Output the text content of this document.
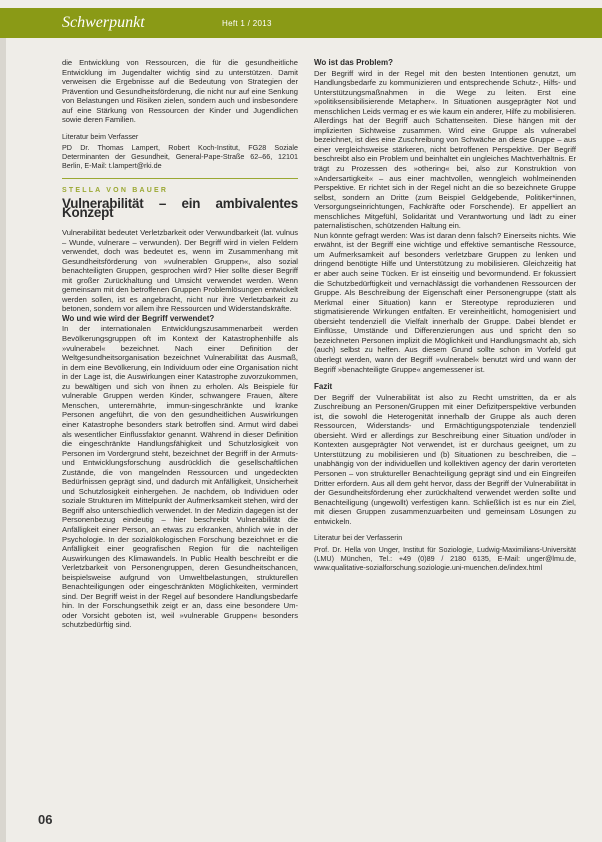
Schwerpunkt	Heft 1 / 2013

die Entwicklung von Ressourcen, die für die gesundheitliche Entwicklung im Jugendalter wichtig sind zu unterstützen. Damit verweisen die Ergebnisse auf die Bedeutung von Strategien der Prävention und Gesundheitsförderung, die nicht nur auf eine Senkung von Belastungen und Risiken zielen, sondern auch und insbesondere auf eine Stärkung von Ressourcen der Kinder und Jugendlichen sowie deren Familien.

Literatur beim Verfasser
PD Dr. Thomas Lampert, Robert Koch-Institut, FG28 Soziale Determinanten der Gesundheit, General-Pape-Straße 62–66, 12101 Berlin, E-Mail: t.lampert@rki.de
STELLA VON BAUER
Vulnerabilität – ein ambivalentes Konzept

Vulnerabilität bedeutet Verletzbarkeit oder Verwundbarkeit (lat. vulnus – Wunde, vulnerare – verwunden). Der Begriff wird in vielen Feldern verwendet, doch was bedeutet es, wenn im Zusammenhang mit Gesundheitsförderung von »vulnerablen Gruppen«, also sozial benachteiligten Gruppen, gesprochen wird? Hier sollte dieser Begriff mit großer Zurückhaltung und Umsicht verwendet werden. Wenn gemeinsam mit den betroffenen Gruppen Problemlösungen entwickelt werden sollen, ist es angebracht, nicht nur ihre Verletzbarkeit zu betonen, sondern vor allem ihre Ressourcen und Widerstandskräfte.

Wo und wie wird der Begriff verwendet?

In der internationalen Entwicklungszusammenarbeit werden Bevölkerungsgruppen oft im Kontext der Katastrophenhilfe als »vulnerabel« bezeichnet. Nach einer Definition der Weltgesundheitsorganisation bezeichnet Vulnerabilität das Ausmaß, in dem eine Bevölkerung, ein Individuum oder eine Organisation nicht in der Lage ist, die Auswirkungen einer Katastrophe zuvorzukommen, zu bewältigen und sich von ihnen zu erholen. Als Beispiele für vulnerable Gruppen werden Kinder, schwangere Frauen, ältere Menschen, unterernährte, immun-singeschränkte und kranke Personen angeführt, die von den gesundheitlichen Auswirkungen einer Katastrophe besonders stark betroffen sind. Armut wird dabei als wesentlicher Einflussfaktor genannt. Während in dieser Definition die eingeschränkte Handlungsfähigkeit und Schutzlosigkeit von Personen im Vordergrund steht, bezeichnet der Begriff in der Armuts- und Entwicklungsforschung ausdrücklich die gesellschaftlichen Zustände, die von mangelnden Ressourcen und ungedeckten Bedürfnissen geprägt sind, und dadurch mit Anfälligkeit, Unsicherheit und Schutzlosigkeit einhergehen. Je nachdem, ob Individuen oder soziale Strukturen im Mittelpunkt der Aufmerksamkeit stehen, wird der Begriff also unterschiedlich verwendet. In der Medizin dagegen ist der Personenbezug eindeutig – hier beschreibt Vulnerabilität die Anfälligkeit einer Person, an etwas zu erkranken, ähnlich wie in der Psychologie. In der sozialökologischen Forschung bezeichnet er die Anfälligkeit einer geografischen Region für die nachteiligen Auswirkungen des Klimawandels. In Public Health beschreibt er die Verletzbarkeit von Personengruppen, deren Gesundheitschancen, beispielsweise aufgrund von Umweltbelastungen, strukturellen Benachteiligungen oder eingeschränkten Möglichkeiten, vermindert sind. Der Begriff weist in der Regel auf besondere Handlungsbedarfe hin. In der Forschungsethik zeigt er an, dass eine besondere Um- oder Vorsicht geboten ist, weil »vulnerable Gruppen« besonders schutzbedürftig sind.

Wo ist das Problem?

Der Begriff wird in der Regel mit den besten Intentionen genutzt, um Handlungsbedarfe zu kommunizieren und entsprechende Schutz-, Hilfs- und Unterstützungsmaßnahmen in die Wege zu leiten. Erst eine »politiksensibilisierende Metapher«. In Situationen ausgeprägter Not und menschlichen Leids vermag er es wie kaum ein anderer, Hilfe zu mobilisieren. Allerdings hat der Begriff auch Schattenseiten. Diese hängen mit der implizierten Sichtweise zusammen. Wird eine Gruppe als vulnerabel bezeichnet, ist dies eine Zuschreibung von Schwäche an diese Gruppe – aus einer vergleichsweise stärkeren, nicht betroffenen Perspektive. Der Begriff beschreibt also ein Problem und beinhaltet ein ungleiches Machtverhältnis. Er trägt zu Prozessen des »othering« bei, also zur Konstruktion von »Andersartigkeit« – aus einer machtvollen, wenngleich wohlmeinenden Perspektive. Er richtet sich in der Regel nicht an die so bezeichnete Gruppe selbst, sondern an Dritte (zum Beispiel Geldgebende, Politiker*innen, Versorgungseinrichtungen, Fachkräfte oder Forschende). Er appelliert an menschliches Mitgefühl, Solidarität und Verantwortung und lädt zu einer paternalistischen, schützenden Haltung ein.

Nun könnte gefragt werden: Was ist daran denn falsch? Einerseits nichts. Wie erwähnt, ist der Begriff eine wichtige und effektive semantische Ressource, um Aufmerksamkeit auf besonders verletzbare Gruppen zu lenken und dringend benötigte Hilfe und Unterstützung zu mobilisieren. Gleichzeitig hat er aber auch seine Tücken. Er ist einseitig und bevormundend. Er fokussiert die Schutzbedürftigkeit und vernachlässigt die vorhandenen Ressourcen der Gruppe. Als Beschreibung der Eigenschaft einer Personengruppe (statt als Merkmal einer Situation) kann er Stereotype reproduzieren und stigmatisierende Wirkungen entfalten. Er vereinheitlicht, homogenisiert und übersieht tendenziell die Vielfalt innerhalb der Gruppe. Dabei blendet er Einflüsse, Umstände und Differenzierungen aus und spricht den so bezeichneten Personen implizit die Möglichkeit und Handlungsmacht ab, sich (auch) selbst zu helfen. Aus diesem Grund sollte schon im Vorfeld gut überlegt werden, wann der Begriff »vulnerabel« benutzt wird und wann der Begriff »benachteiligte Gruppe« angemessener ist.

Fazit

Der Begriff der Vulnerabilität ist also zu Recht umstritten, da er als Zuschreibung an Personen/Gruppen mit einer Defizitperspektive verbunden ist, die sowohl die Heterogenität innerhalb der Gruppe als auch deren Ressourcen, Widerstands- und Ermächtigungspotenziale tendenziell übersieht. Wird er allerdings zur Beschreibung einer Situation und/oder in Kontexten ausgeprägter Not verwendet, ist er durchaus geeignet, um zu Unterstützung zu mobilisieren und (b) Situationen zu beschreiben, die – unabhängig von der individuellen und kollektiven agency der darin verorteten Personen – von struktureller Benachteiligung geprägt sind und ein Eingreifen Dritter erfordern. Aus all dem geht hervor, dass der Begriff der Vulnerabilität in der Gesundheitsförderung eher zurückhaltend verwendet werden sollte und Benachteiligung (ungewollt) verfestigen kann. Schließlich ist es nur ein Ziel, mit diesen Gruppen zusammenzuarbeiten und gemeinsam Lösungen zu entwickeln.

Literatur bei der Verfasserin
Prof. Dr. Hella von Unger, Institut für Soziologie, Ludwig-Maximilians-Universität (LMU) München, Tel.: +49 (0)89 / 2180 6135, E-Mail: unger@lmu.de, www.qualitative-sozialforschung.soziologie.uni-muenchen.de/index.html
06
